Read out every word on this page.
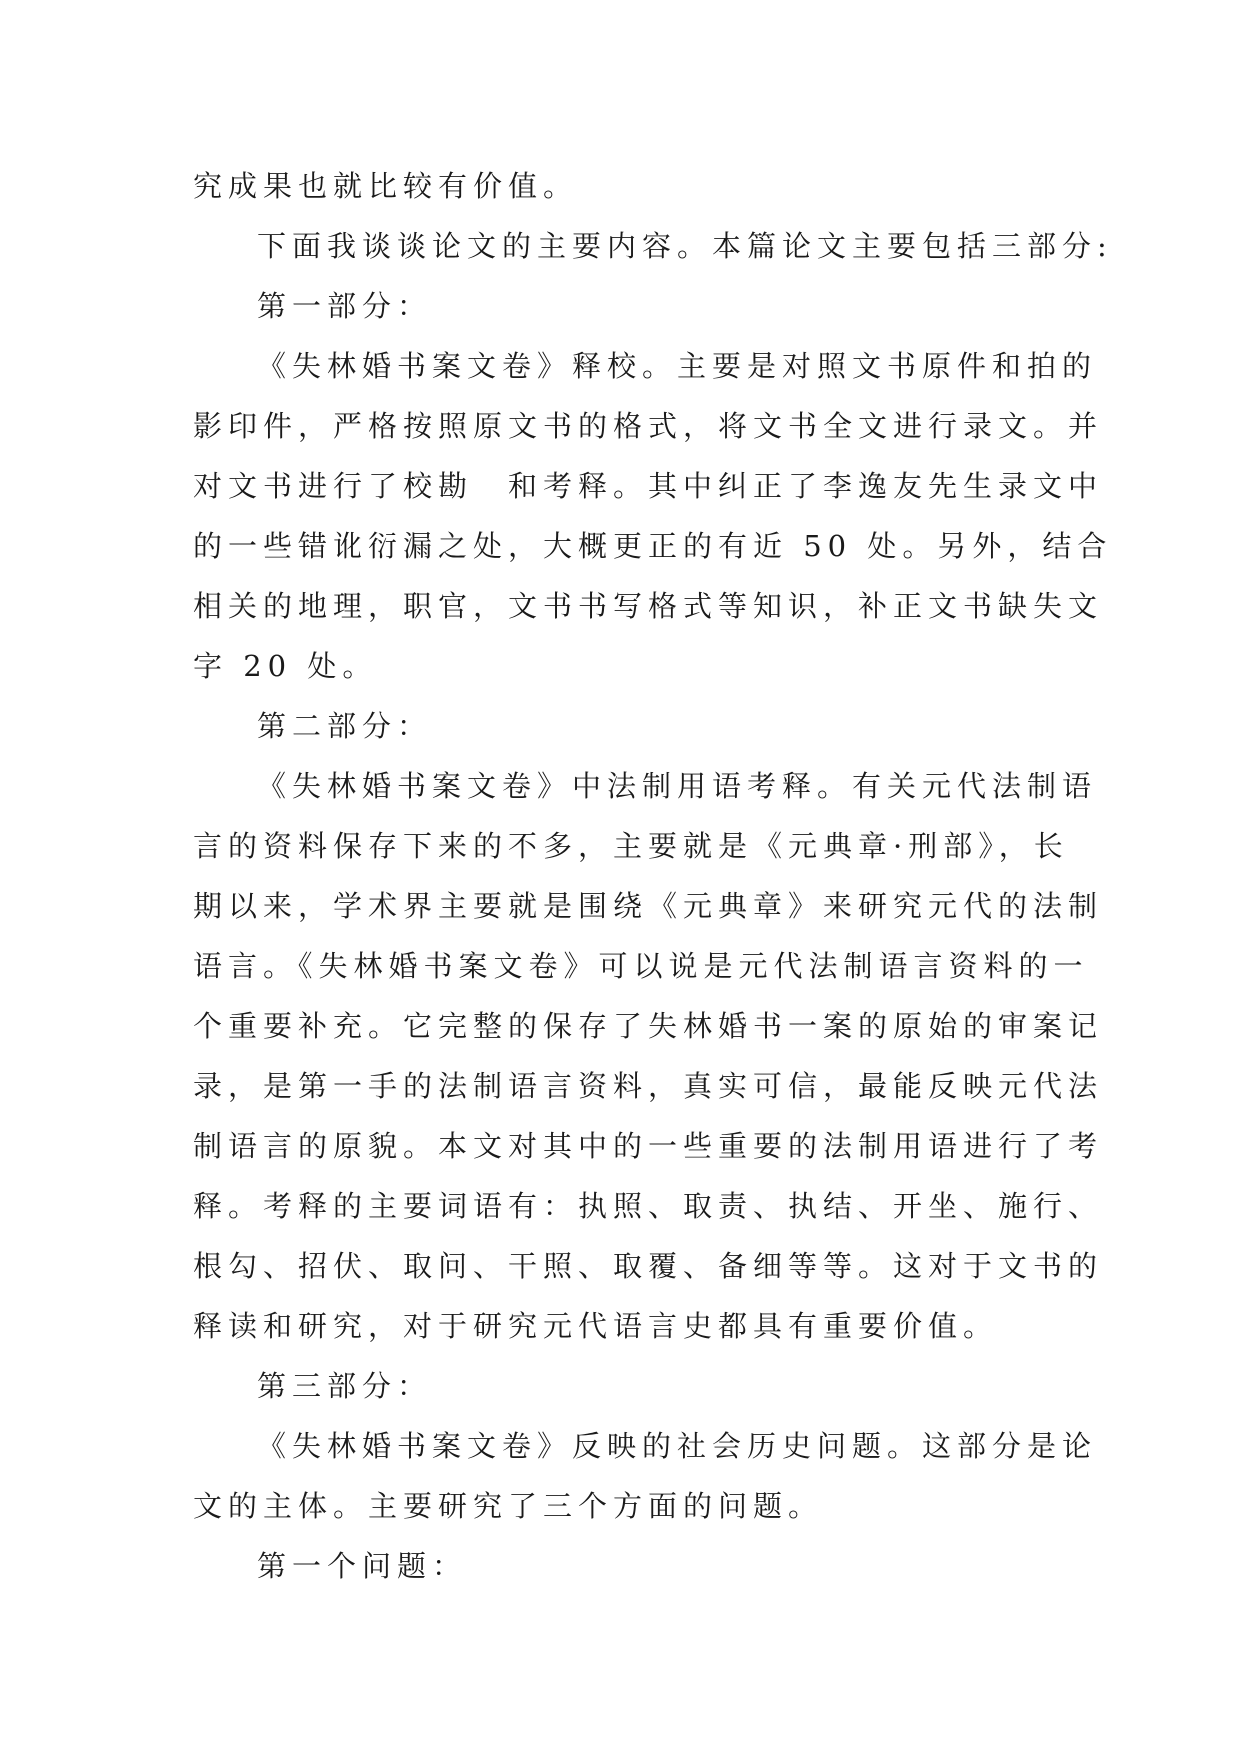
究成果也就比较有价值。
下面我谈谈论文的主要内容。本篇论文主要包括三部分:
第一部分：
《失林婚书案文卷》释校。主要是对照文书原件和拍的
影印件，严格按照原文书的格式，将文书全文进行录文。并
对文书进行了校勘　和考释。其中纠正了李逸友先生录文中
的一些错讹衍漏之处，大概更正的有近 50 处。另外，结合
相关的地理，职官，文书书写格式等知识，补正文书缺失文
字 20 处。
第二部分：
《失林婚书案文卷》中法制用语考释。有关元代法制语
言的资料保存下来的不多，主要就是《元典章·刑部》，长
期以来，学术界主要就是围绕《元典章》来研究元代的法制
语言。《失林婚书案文卷》可以说是元代法制语言资料的一
个重要补充。它完整的保存了失林婚书一案的原始的审案记
录，是第一手的法制语言资料，真实可信，最能反映元代法
制语言的原貌。本文对其中的一些重要的法制用语进行了考
释。考释的主要词语有：执照、取责、执结、开坐、施行、
根勾、招伏、取问、干照、取覆、备细等等。这对于文书的
释读和研究，对于研究元代语言史都具有重要价值。
第三部分：
《失林婚书案文卷》反映的社会历史问题。这部分是论
文的主体。主要研究了三个方面的问题。
第一个问题：
